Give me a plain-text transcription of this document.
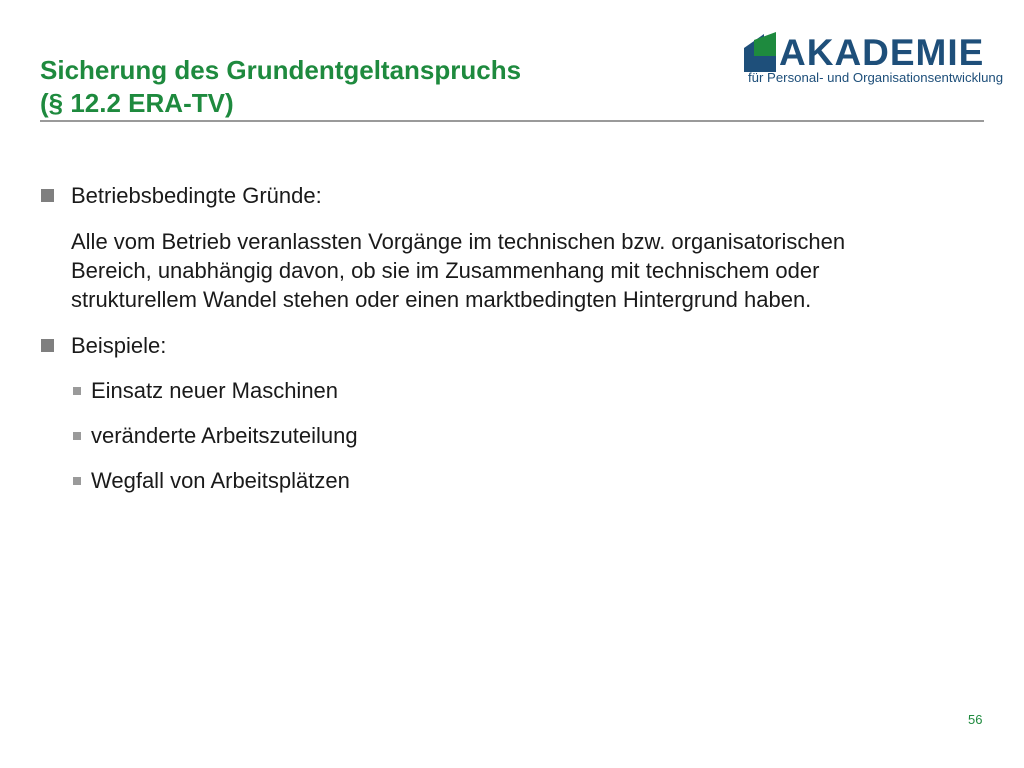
Sicherung des Grundentgeltanspruchs
(§ 12.2 ERA-TV)
AKADEMIE
für Personal- und Organisationsentwicklung
Betriebsbedingte Gründe:
Alle vom Betrieb veranlassten Vorgänge im technischen bzw. organisatorischen
Bereich, unabhängig davon, ob sie im Zusammenhang mit technischem oder
strukturellem Wandel stehen oder einen marktbedingten Hintergrund haben.
Beispiele:
Einsatz neuer Maschinen
veränderte Arbeitszuteilung
Wegfall von Arbeitsplätzen
56
